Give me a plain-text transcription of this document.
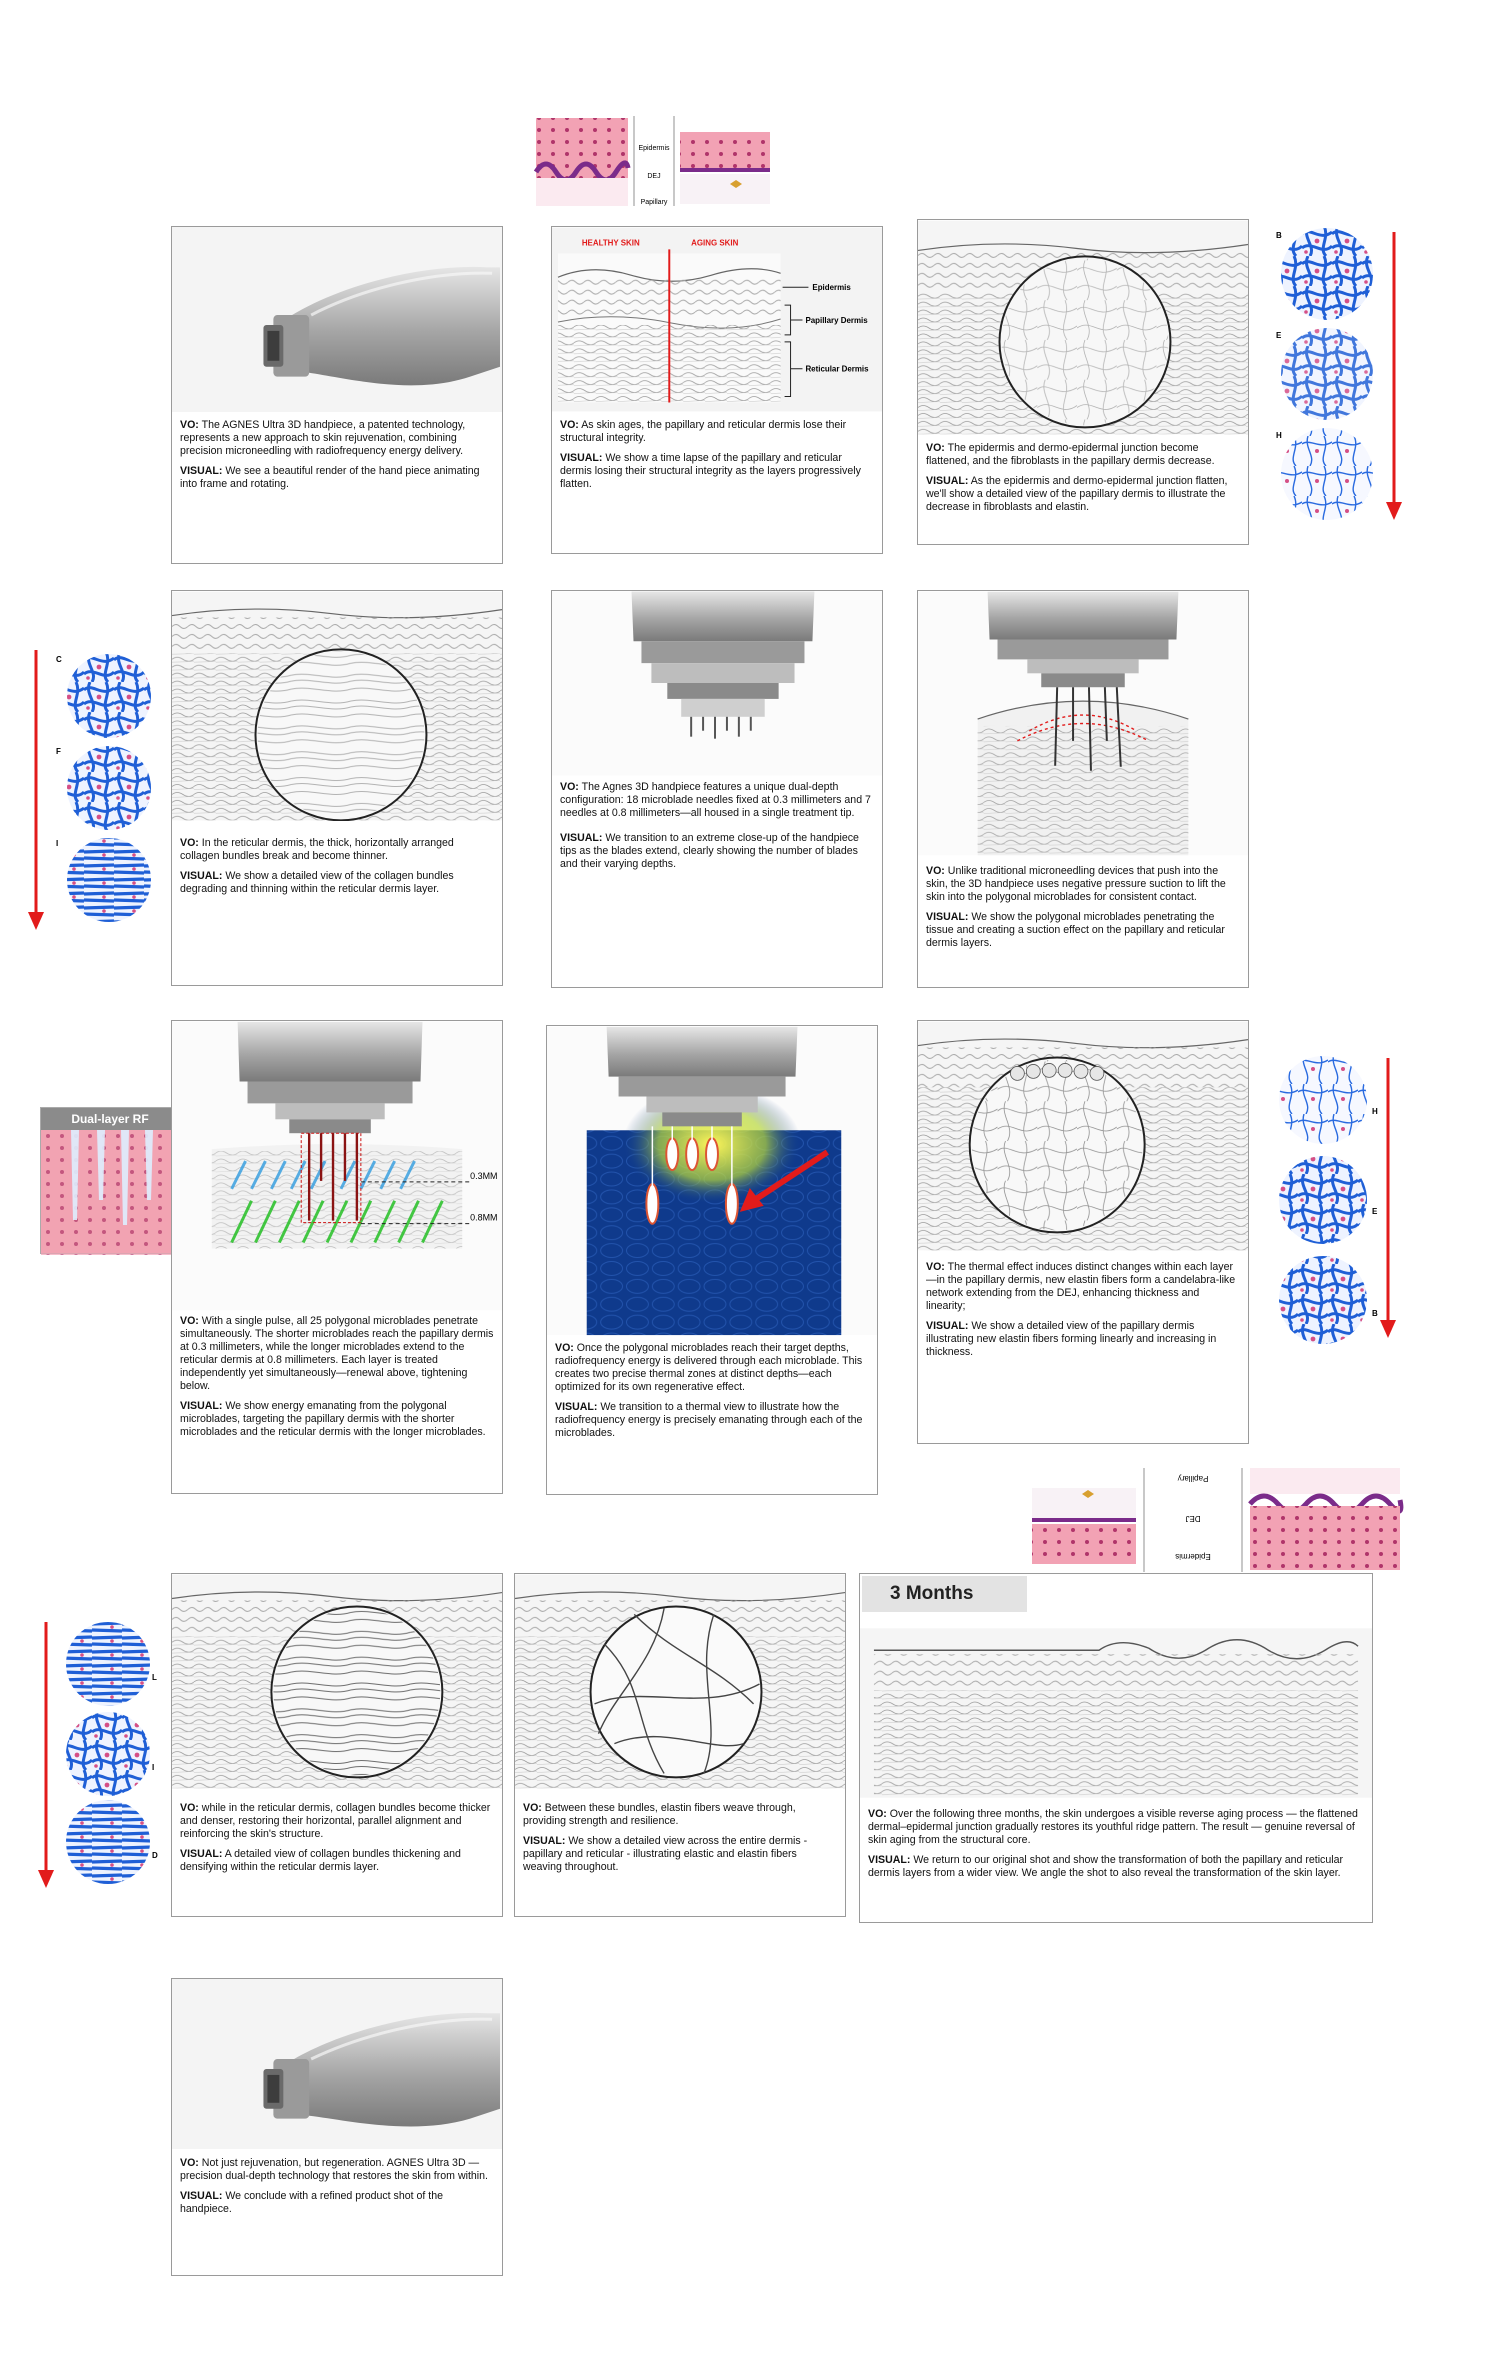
Epidermis
DEJ
Papillary

VO: The AGNES Ultra 3D handpiece, a patented technology, represents a new approach to skin rejuvenation, combining precision microneedling with radiofrequency energy delivery.

VISUAL: We see a beautiful render of the hand piece animating into frame and rotating.

HEALTHY SKIN	AGING SKIN
Epidermis
Papillary Dermis
Reticular Dermis

VO: As skin ages, the papillary and reticular dermis lose their structural integrity.

VISUAL: We show a time lapse of the papillary and reticular dermis losing their structural integrity as the layers progressively flatten.

VO: The epidermis and dermo-epidermal junction become flattened, and the fibroblasts in the papillary dermis decrease.

VISUAL: As the epidermis and dermo-epidermal junction flatten, we'll show a detailed view of the papillary dermis to illustrate the decrease in fibroblasts and elastin.

B
E
H

VO: In the reticular dermis, the thick, horizontally arranged collagen bundles break and become thinner.

VISUAL: We show a detailed view of the collagen bundles degrading and thinning within the reticular dermis layer.

C
F
I

VO: The Agnes 3D handpiece features a unique dual-depth configuration: 18 microblade needles fixed at 0.3 millimeters and 7 needles at 0.8 millimeters—all housed in a single treatment tip.

VISUAL: We transition to an extreme close-up of the handpiece tips as the blades extend, clearly showing the number of blades and their varying depths.

VO: Unlike traditional microneedling devices that push into the skin, the 3D handpiece uses negative pressure suction to lift the skin into the polygonal microblades for consistent contact.

VISUAL: We show the polygonal microblades penetrating the tissue and creating a suction effect on the papillary and reticular dermis layers.

Dual-layer RF
0.3MM
0.8MM

VO: With a single pulse, all 25 polygonal microblades penetrate simultaneously. The shorter microblades reach the papillary dermis at 0.3 millimeters, while the longer microblades extend to the reticular dermis at 0.8 millimeters. Each layer is treated independently yet simultaneously—renewal above, tightening below.

VISUAL: We show energy emanating from the polygonal microblades, targeting the papillary dermis with the shorter microblades and the reticular dermis with the longer microblades.

VO: Once the polygonal microblades reach their target depths, radiofrequency energy is delivered through each microblade. This creates two precise thermal zones at distinct depths—each optimized for its own regenerative effect.

VISUAL: We transition to a thermal view to illustrate how the radiofrequency energy is precisely emanating through each of the microblades.

VO: The thermal effect induces distinct changes within each layer—in the papillary dermis, new elastin fibers form a candelabra-like network extending from the DEJ, enhancing thickness and linearity;

VISUAL: We show a detailed view of the papillary dermis illustrating new elastin fibers forming linearly and increasing in thickness.

H
E
B
Epidermis
DEJ
Papillary
L
I
D

VO: while in the reticular dermis, collagen bundles become thicker and denser, restoring their horizontal, parallel alignment and reinforcing the skin's structure.

VISUAL: A detailed view of collagen bundles thickening and densifying within the reticular dermis layer.

VO: Between these bundles, elastin fibers weave through, providing strength and resilience.

VISUAL: We show a detailed view across the entire dermis - papillary and reticular - illustrating elastic and elastin fibers weaving throughout.

3 Months

VO: Over the following three months, the skin undergoes a visible reverse aging process — the flattened dermal–epidermal junction gradually restores its youthful ridge pattern. The result — genuine reversal of skin aging from the structural core.

VISUAL: We return to our original shot and show the transformation of both the papillary and reticular dermis layers from a wider view. We angle the shot to also reveal the transformation of the skin layer.

VO: Not just rejuvenation, but regeneration. AGNES Ultra 3D — precision dual-depth technology that restores the skin from within.

VISUAL: We conclude with a refined product shot of the handpiece.
